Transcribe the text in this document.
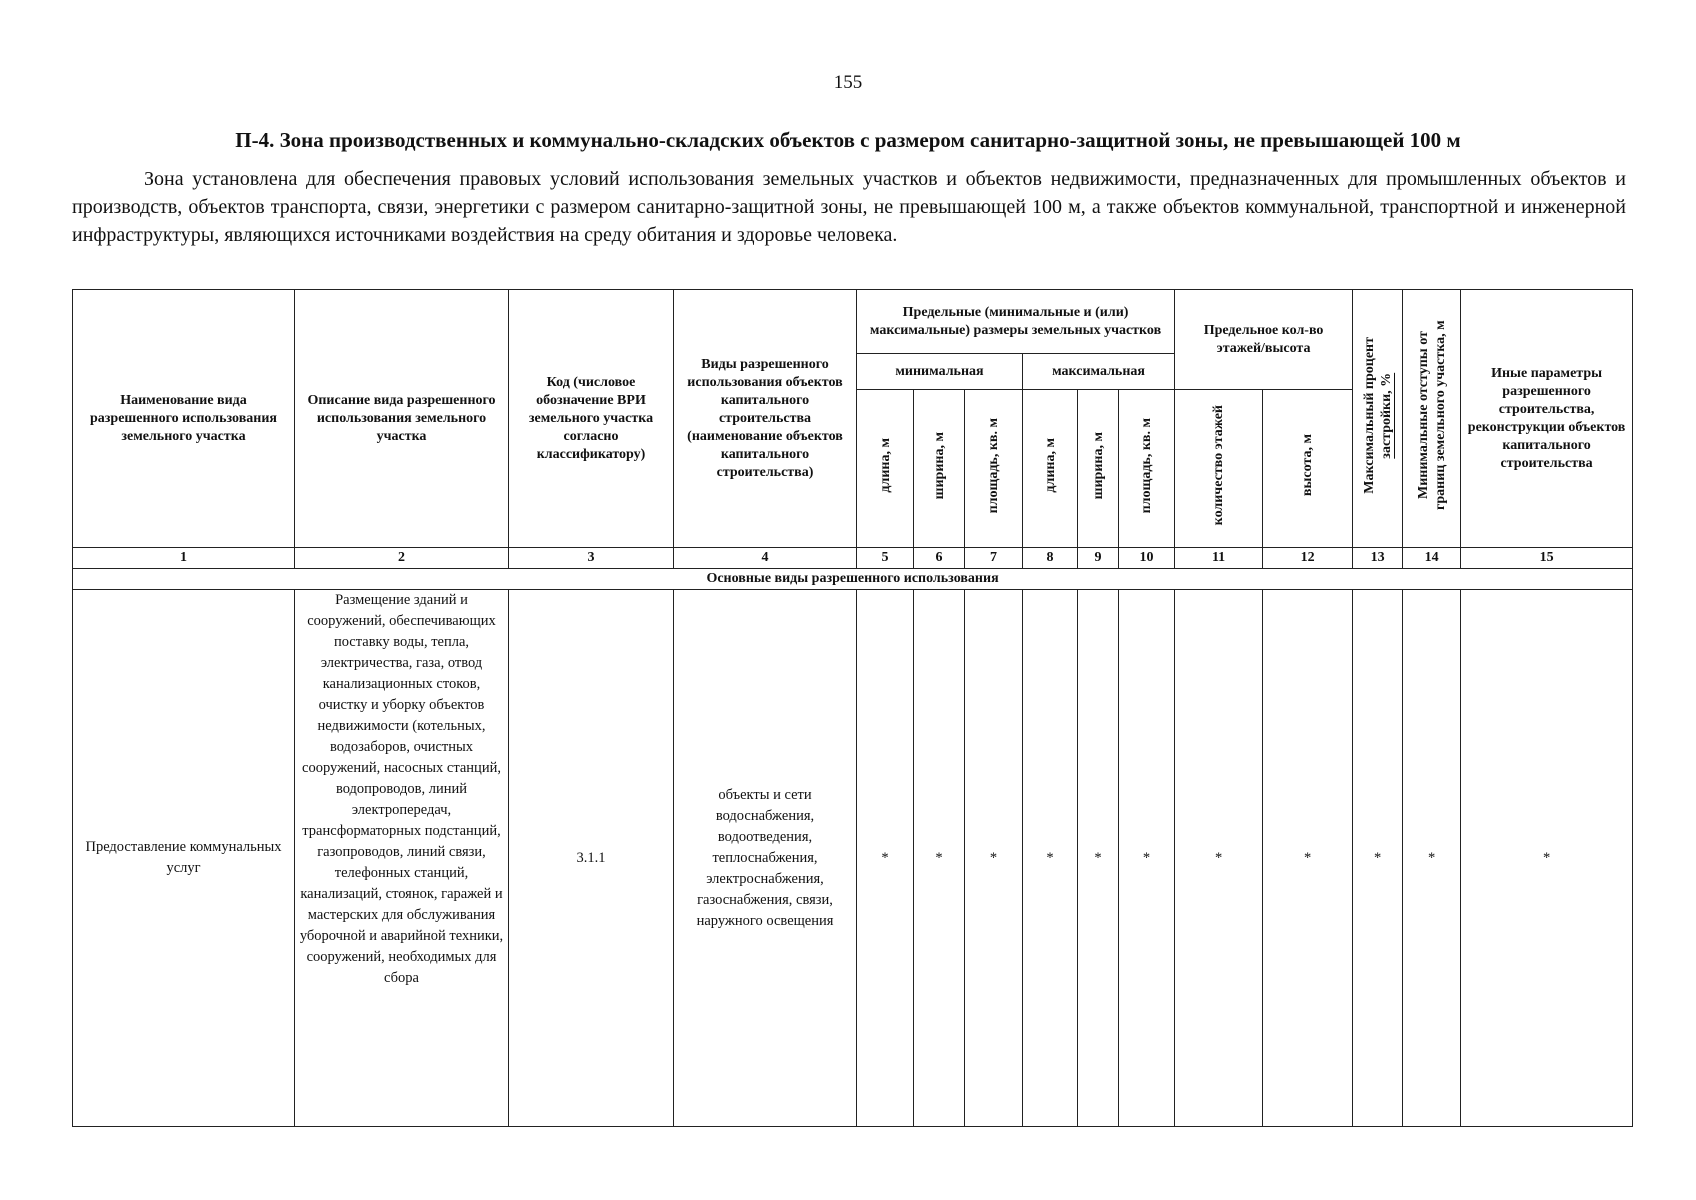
155
П-4. Зона производственных и коммунально-складских объектов с размером санитарно-защитной зоны, не превышающей 100 м

Зона установлена для обеспечения правовых условий использования земельных участков и объектов недвижимости, предназначенных для промышленных объектов и производств, объектов транспорта, связи, энергетики с размером санитарно-защитной зоны, не превышающей 100 м, а также объектов коммунальной, транспортной и инженерной инфраструктуры, являющихся источниками воздействия на среду обитания и здоровье человека.

Наименование вида разрешенного использования земельного участка	Описание вида разрешенного использования земельного участка	Код (числовое обозначение ВРИ земельного участка согласно классификатору)	Виды разрешенного использования объектов капитального строительства (наименование объектов капитального строительства)	Предельные (минимальные и (или) максимальные) размеры земельных участков						Предельное кол-во этажей/высота		Максимальный процент застройки, %	Минимальные отступы от границ земельного участка, м	Иные параметры разрешенного строительства, реконструкции объектов капитального строительства
				минимальная			максимальная							
				длина, м	ширина, м	площадь, кв. м	длина, м	ширина, м	площадь, кв. м	количество этажей	высота, м			
1	2	3	4	5	6	7	8	9	10	11	12	13	14	15
Основные виды разрешенного использования														
Предоставление коммунальных услуг	Размещение зданий и сооружений, обеспечивающих поставку воды, тепла, электричества, газа, отвод канализационных стоков, очистку и уборку объектов недвижимости (котельных, водозаборов, очистных сооружений, насосных станций, водопроводов, линий электропередач, трансформаторных подстанций, газопроводов, линий связи, телефонных станций, канализаций, стоянок, гаражей и мастерских для обслуживания уборочной и аварийной техники, сооружений, необходимых для сбора	3.1.1	объекты и сети водоснабжения, водоотведения, теплоснабжения, электроснабжения, газоснабжения, связи, наружного освещения	*	*	*	*	*	*	*	*	*	*	*
